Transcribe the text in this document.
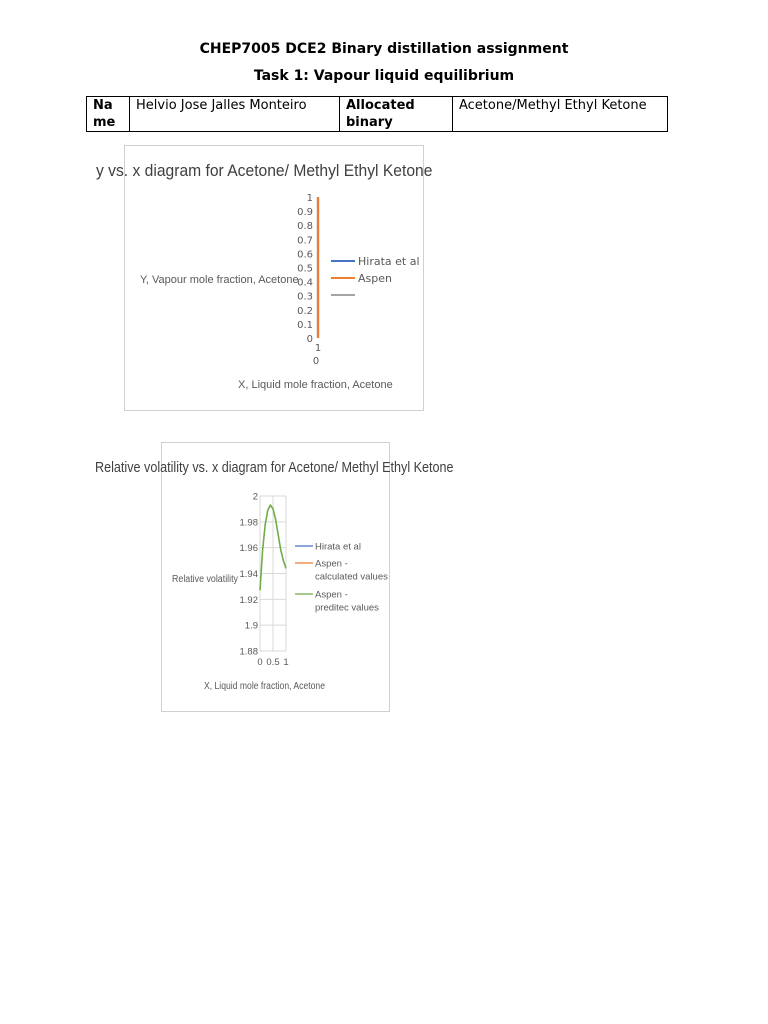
CHEP7005 DCE2 Binary distillation assignment
Task 1: Vapour liquid equilibrium
Na me	Helvio Jose Jalles Monteiro	Allocated binary	Acetone/Methyl Ethyl Ketone
y vs. x diagram for Acetone/ Methyl Ethyl Ketone
Y, Vapour mole fraction, Acetone
X, Liquid mole fraction, Acetone
0
0.1
0.2
0.3
0.4
0.5
0.6
0.7
0.8
0.9
1
1
0
Hirata et al
Aspen
Relative volatility vs. x diagram for Acetone/ Methyl Ethyl Ketone
Relative volatility
X, Liquid mole fraction, Acetone
1.88
1.9
1.92
1.94
1.96
1.98
2
0 0.5 1
Hirata et al
Aspen -
calculated values
Aspen -
preditec values
